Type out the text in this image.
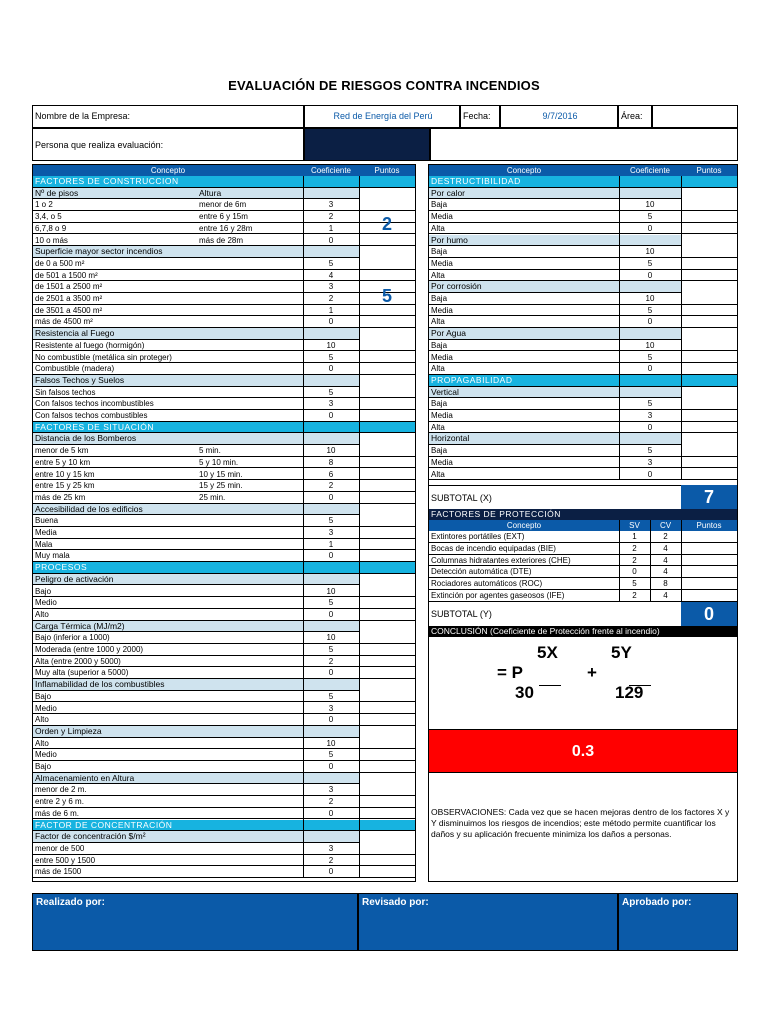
EVALUACIÓN DE RIESGOS CONTRA INCENDIOS
Nombre de la Empresa:	Red de Energía del Perú	Fecha:	9/7/2016	Área:
Persona que realiza evaluación:
Concepto	Coeficiente	Puntos
FACTORES DE CONSTRUCCION
Nº de pisos	Altura
1 o 2	menor de 6m	3
3,4, o 5	entre 6 y 15m	2
6,7,8 o 9	entre 16 y 28m	1
10 o más	más de 28m	0
Superficie mayor sector incendios
de 0 a 500 m²	5
de 501 a 1500 m²	4
de 1501 a 2500 m²	3
de 2501 a 3500 m²	2
de 3501 a 4500 m²	1
más de 4500 m²	0
Resistencia al Fuego
Resistente al fuego (hormigón)	10
No combustible (metálica sin proteger)	5
Combustible (madera)	0
Falsos Techos y Suelos
Sin falsos techos	5
Con falsos techos incombustibles	3
Con falsos techos combustibles	0
FACTORES DE SITUACIÓN
Distancia de los Bomberos
menor de 5 km	5 min.	10
entre 5 y 10 km	5 y 10 min.	8
entre 10 y 15 km	10 y 15 min.	6
entre 15 y 25 km	15 y 25 min.	2
más de 25 km	25 min.	0
Accesibilidad de los edificios
Buena	5
Media	3
Mala	1
Muy mala	0
PROCESOS
Peligro de activación
Bajo	10
Medio	5
Alto	0
Carga Térmica (MJ/m2)
Bajo (inferior a 1000)	10
Moderada (entre 1000 y 2000)	5
Alta (entre 2000 y 5000)	2
Muy alta (superior a 5000)	0
Inflamabilidad de los combustibles
Bajo	5
Medio	3
Alto	0
Orden y Limpieza
Alto	10
Medio	5
Bajo	0
Almacenamiento en Altura
menor de 2 m.	3
entre 2 y 6 m.	2
más de 6 m.	0
FACTOR DE CONCENTRACIÓN
Factor de concentración $/m²
menor de 500	3
entre 500 y 1500	2
más de 1500	0
2
5
Concepto	Coeficiente	Puntos
DESTRUCTIBILIDAD
Por calor
Baja	10
Media	5
Alta	0
Por humo
Baja	10
Media	5
Alta	0
Por corrosión
Baja	10
Media	5
Alta	0
Por Agua
Baja	10
Media	5
Alta	0
PROPAGABILIDAD
Vertical
Baja	5
Media	3
Alta	0
Horizontal
Baja	5
Media	3
Alta	0
SUBTOTAL (X)	7
FACTORES DE PROTECCIÓN
Concepto	SV	CV	Puntos
Extintores portátiles (EXT)	1	2
Bocas de incendio equipadas (BIE)	2	4
Columnas hidratantes exteriores (CHE)	2	4
Detección automática (DTE)	0	4
Rociadores automáticos (ROC)	5	8
Extinción por agentes gaseosos (IFE)	2	4
SUBTOTAL (Y)	0
CONCLUSIÓN (Coeficiente de Protección frente al incendio)
5X	5Y
= P	+
30	129
0.3
OBSERVACIONES: Cada vez que se hacen mejoras dentro de los factores X y Y disminuimos los riesgos de incendios; este método permite cuantificar los daños y su aplicación frecuente minimiza los daños a personas.
Realizado por:	Revisado por:	Aprobado por:
